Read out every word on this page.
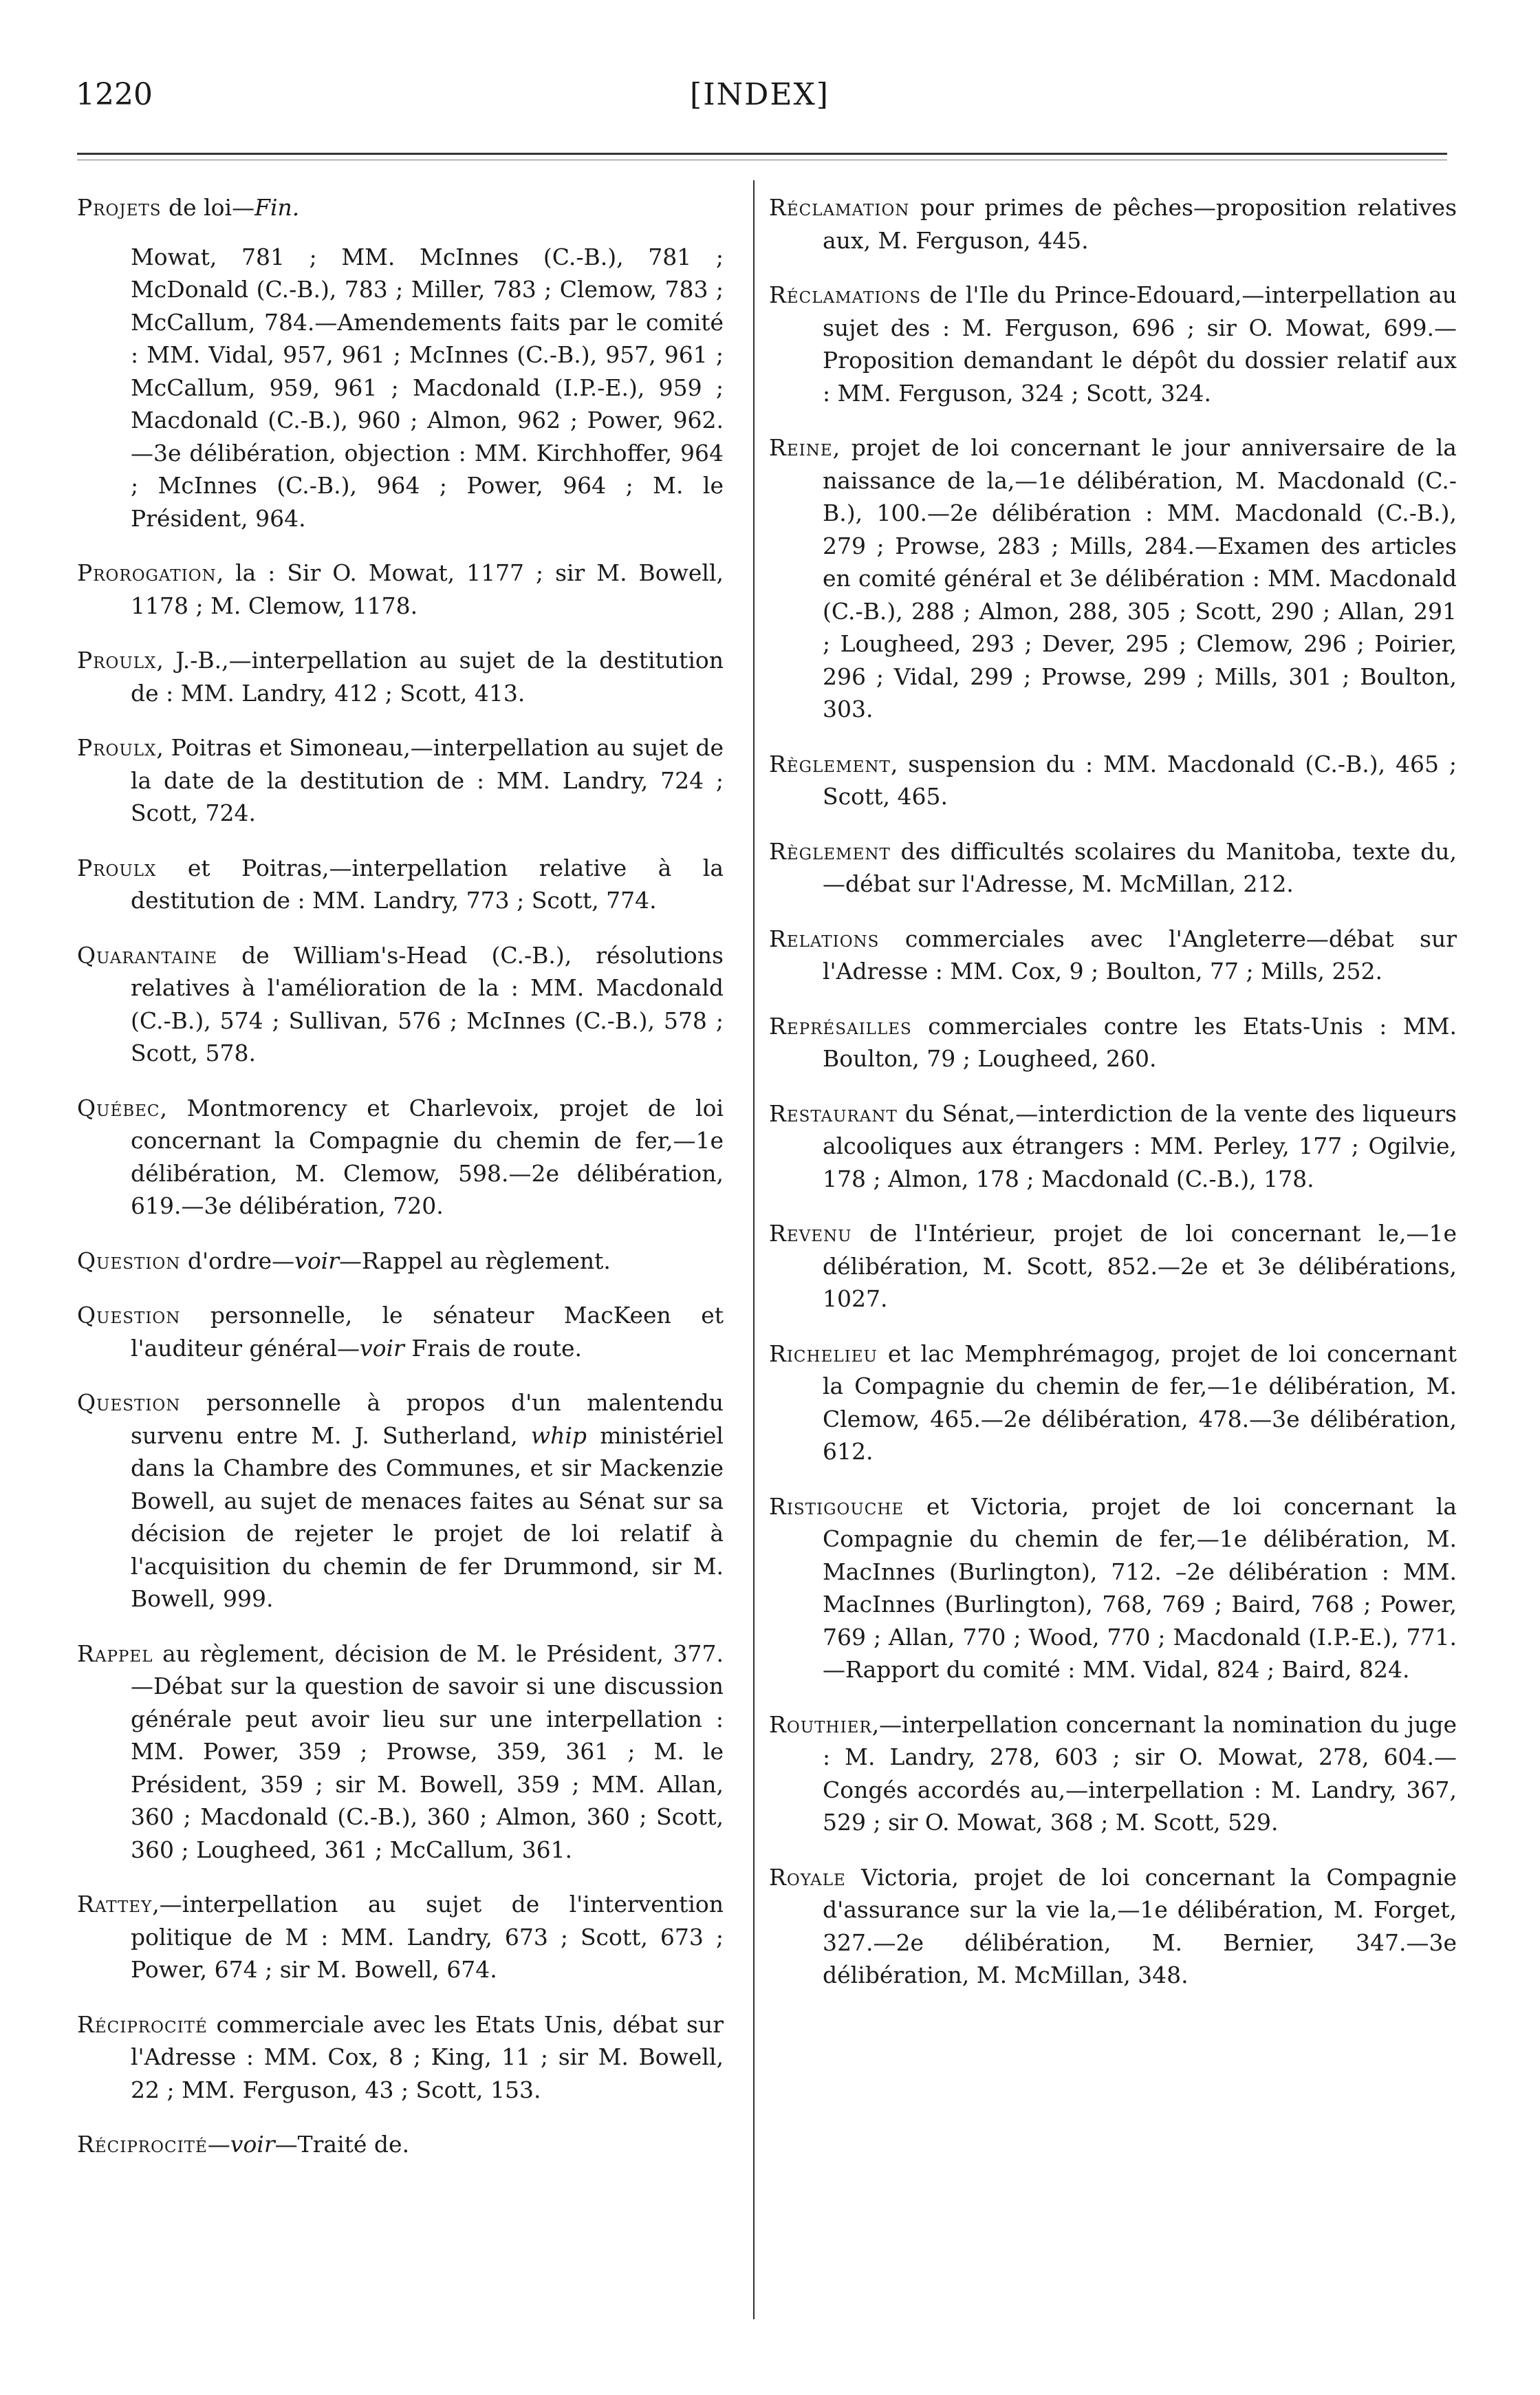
1220	[INDEX]

Projets de loi—Fin.

Mowat, 781 ; MM. McInnes (C.-B.), 781 ; McDonald (C.-B.), 783 ; Miller, 783 ; Clemow, 783 ; McCallum, 784.—Amendements faits par le comité : MM. Vidal, 957, 961 ; McInnes (C.-B.), 957, 961 ; McCallum, 959, 961 ; Macdonald (I.P.-E.), 959 ; Macdonald (C.-B.), 960 ; Almon, 962 ; Power, 962.—3e délibération, objection : MM. Kirchhoffer, 964 ; McInnes (C.-B.), 964 ; Power, 964 ; M. le Président, 964.

Prorogation, la : Sir O. Mowat, 1177 ; sir M. Bowell, 1178 ; M. Clemow, 1178.

Proulx, J.-B.,—interpellation au sujet de la destitution de : MM. Landry, 412 ; Scott, 413.

Proulx, Poitras et Simoneau,—interpellation au sujet de la date de la destitution de : MM. Landry, 724 ; Scott, 724.

Proulx et Poitras,—interpellation relative à la destitution de : MM. Landry, 773 ; Scott, 774.

Quarantaine de William's-Head (C.-B.), résolutions relatives à l'amélioration de la : MM. Macdonald (C.-B.), 574 ; Sullivan, 576 ; McInnes (C.-B.), 578 ; Scott, 578.

Québec, Montmorency et Charlevoix, projet de loi concernant la Compagnie du chemin de fer,—1e délibération, M. Clemow, 598.—2e délibération, 619.—3e délibération, 720.

Question d'ordre—voir—Rappel au règlement.

Question personnelle, le sénateur MacKeen et l'auditeur général—voir Frais de route.

Question personnelle à propos d'un malentendu survenu entre M. J. Sutherland, whip ministériel dans la Chambre des Communes, et sir Mackenzie Bowell, au sujet de menaces faites au Sénat sur sa décision de rejeter le projet de loi relatif à l'acquisition du chemin de fer Drummond, sir M. Bowell, 999.

Rappel au règlement, décision de M. le Président, 377.—Débat sur la question de savoir si une discussion générale peut avoir lieu sur une interpellation : MM. Power, 359 ; Prowse, 359, 361 ; M. le Président, 359 ; sir M. Bowell, 359 ; MM. Allan, 360 ; Macdonald (C.-B.), 360 ; Almon, 360 ; Scott, 360 ; Lougheed, 361 ; McCallum, 361.

Rattey,—interpellation au sujet de l'intervention politique de M : MM. Landry, 673 ; Scott, 673 ; Power, 674 ; sir M. Bowell, 674.

Réciprocité commerciale avec les Etats Unis, débat sur l'Adresse : MM. Cox, 8 ; King, 11 ; sir M. Bowell, 22 ; MM. Ferguson, 43 ; Scott, 153.

Réciprocité—voir—Traité de.

Réclamation pour primes de pêches—proposition relatives aux, M. Ferguson, 445.

Réclamations de l'Ile du Prince-Edouard,—interpellation au sujet des : M. Ferguson, 696 ; sir O. Mowat, 699.—Proposition demandant le dépôt du dossier relatif aux : MM. Ferguson, 324 ; Scott, 324.

Reine, projet de loi concernant le jour anniversaire de la naissance de la,—1e délibération, M. Macdonald (C.-B.), 100.—2e délibération : MM. Macdonald (C.-B.), 279 ; Prowse, 283 ; Mills, 284.—Examen des articles en comité général et 3e délibération : MM. Macdonald (C.-B.), 288 ; Almon, 288, 305 ; Scott, 290 ; Allan, 291 ; Lougheed, 293 ; Dever, 295 ; Clemow, 296 ; Poirier, 296 ; Vidal, 299 ; Prowse, 299 ; Mills, 301 ; Boulton, 303.

Règlement, suspension du : MM. Macdonald (C.-B.), 465 ; Scott, 465.

Règlement des difficultés scolaires du Manitoba, texte du,—débat sur l'Adresse, M. McMillan, 212.

Relations commerciales avec l'Angleterre—débat sur l'Adresse : MM. Cox, 9 ; Boulton, 77 ; Mills, 252.

Représailles commerciales contre les Etats-Unis : MM. Boulton, 79 ; Lougheed, 260.

Restaurant du Sénat,—interdiction de la vente des liqueurs alcooliques aux étrangers : MM. Perley, 177 ; Ogilvie, 178 ; Almon, 178 ; Macdonald (C.-B.), 178.

Revenu de l'Intérieur, projet de loi concernant le,—1e délibération, M. Scott, 852.—2e et 3e délibérations, 1027.

Richelieu et lac Memphrémagog, projet de loi concernant la Compagnie du chemin de fer,—1e délibération, M. Clemow, 465.—2e délibération, 478.—3e délibération, 612.

Ristigouche et Victoria, projet de loi concernant la Compagnie du chemin de fer,—1e délibération, M. MacInnes (Burlington), 712. –2e délibération : MM. MacInnes (Burlington), 768, 769 ; Baird, 768 ; Power, 769 ; Allan, 770 ; Wood, 770 ; Macdonald (I.P.-E.), 771.—Rapport du comité : MM. Vidal, 824 ; Baird, 824.

Routhier,—interpellation concernant la nomination du juge : M. Landry, 278, 603 ; sir O. Mowat, 278, 604.—Congés accordés au,—interpellation : M. Landry, 367, 529 ; sir O. Mowat, 368 ; M. Scott, 529.

Royale Victoria, projet de loi concernant la Compagnie d'assurance sur la vie la,—1e délibération, M. Forget, 327.—2e délibération, M. Bernier, 347.—3e délibération, M. McMillan, 348.
